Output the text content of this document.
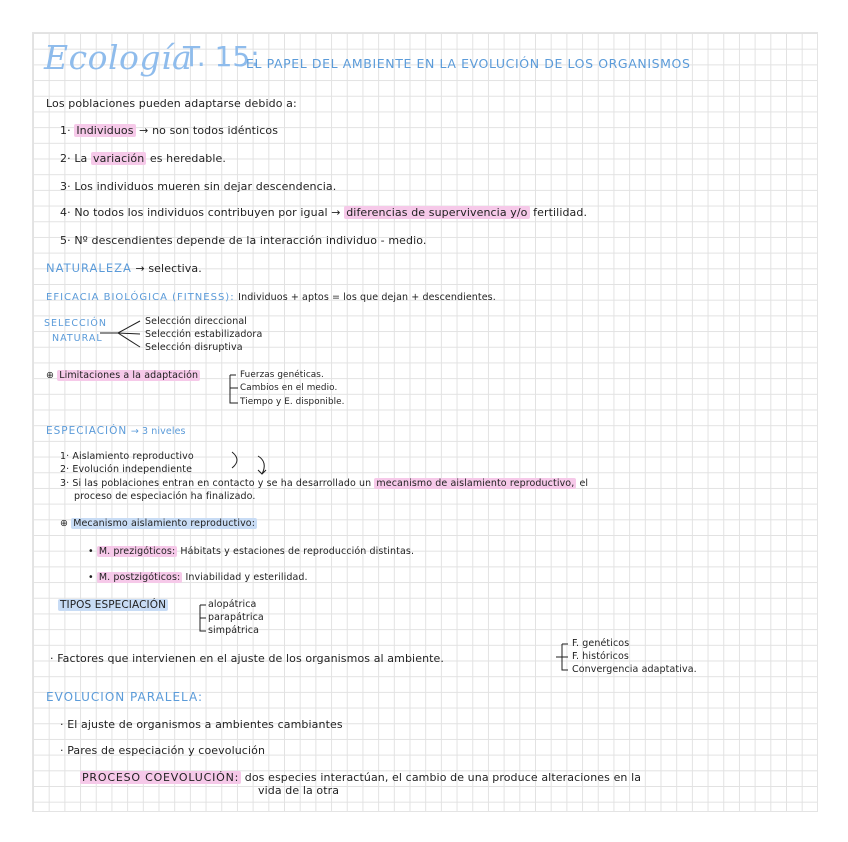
Ecología
T. 15:
EL PAPEL DEL AMBIENTE EN LA EVOLUCIÓN DE LOS ORGANISMOS
Los poblaciones pueden adaptarse debido a:
1· Individuos → no son todos idénticos
2· La variación es heredable.
3· Los individuos mueren sin dejar descendencia.
4· No todos los individuos contribuyen por igual → diferencias de supervivencia y/o fertilidad.
5· Nº descendientes depende de la interacción individuo - medio.
NATURALEZA → selectiva.
EFICACIA BIOLÓGICA (FITNESS): Individuos + aptos = los que dejan + descendientes.
SELECCIÓN
NATURAL
Selección direccional
Selección estabilizadora
Selección disruptiva
⊕ Limitaciones a la adaptación	Fuerzas genéticas.
Cambios en el medio.
Tiempo y E. disponible.
ESPECIACIÓN → 3 niveles
1· Aislamiento reproductivo
2· Evolución independiente
3· Si las poblaciones entran en contacto y se ha desarrollado un mecanismo de aislamiento reproductivo, el
proceso de especiación ha finalizado.
⊕ Mecanismo aislamiento reproductivo:
• M. prezigóticos: Hábitats y estaciones de reproducción distintas.
• M. postzigóticos: Inviabilidad y esterilidad.
TIPOS ESPECIACIÓN	alopátrica
parapátrica
simpátrica
· Factores que intervienen en el ajuste de los organismos al ambiente.
F. genéticos
F. históricos
Convergencia adaptativa.
EVOLUCION PARALELA:
· El ajuste de organismos a ambientes cambiantes
· Pares de especiación y coevolución
PROCESO COEVOLUCIÓN: dos especies interactúan, el cambio de una produce alteraciones en la
vida de la otra
